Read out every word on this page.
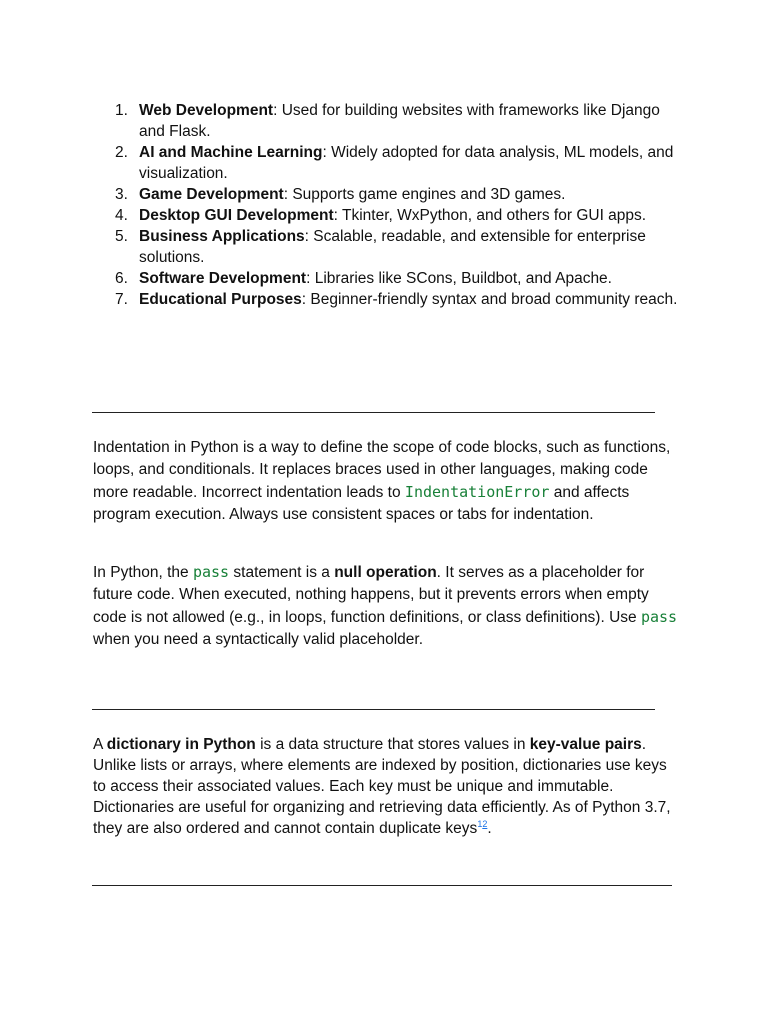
1. Web Development: Used for building websites with frameworks like Django and Flask.
2. AI and Machine Learning: Widely adopted for data analysis, ML models, and visualization.
3. Game Development: Supports game engines and 3D games.
4. Desktop GUI Development: Tkinter, WxPython, and others for GUI apps.
5. Business Applications: Scalable, readable, and extensible for enterprise solutions.
6. Software Development: Libraries like SCons, Buildbot, and Apache.
7. Educational Purposes: Beginner-friendly syntax and broad community reach.

Indentation in Python is a way to define the scope of code blocks, such as functions, loops, and conditionals. It replaces braces used in other languages, making code more readable. Incorrect indentation leads to IndentationError and affects program execution. Always use consistent spaces or tabs for indentation.

In Python, the pass statement is a null operation. It serves as a placeholder for future code. When executed, nothing happens, but it prevents errors when empty code is not allowed (e.g., in loops, function definitions, or class definitions). Use pass when you need a syntactically valid placeholder.

A dictionary in Python is a data structure that stores values in key-value pairs. Unlike lists or arrays, where elements are indexed by position, dictionaries use keys to access their associated values. Each key must be unique and immutable. Dictionaries are useful for organizing and retrieving data efficiently. As of Python 3.7, they are also ordered and cannot contain duplicate keys$^{12}$.
